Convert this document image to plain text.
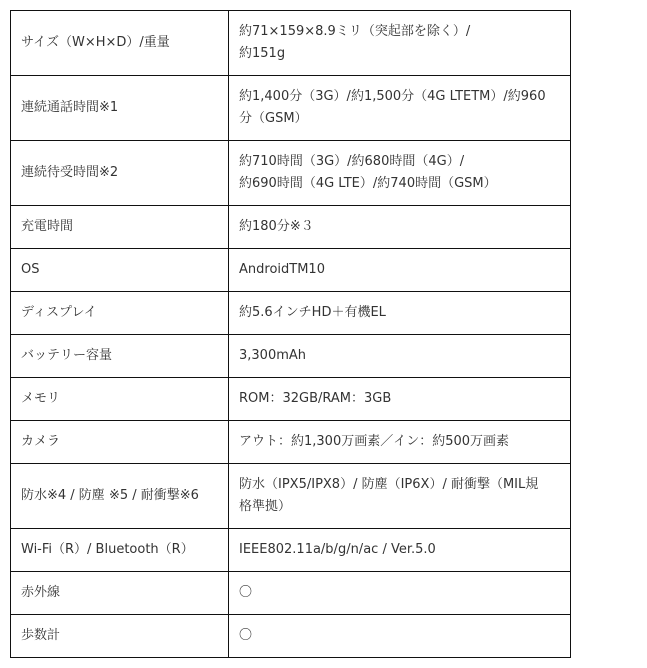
サイズ（W×H×D）/重量	約71×159×8.9ミリ（突起部を除く）/
約151g

連続通話時間※1	約1,400分（3G）/約1,500分（4G LTETM）/約960
分（GSM）

連続待受時間※2	約710時間（3G）/約680時間（4G）/
約690時間（4G LTE）/約740時間（GSM）

充電時間	約180分※３

OS	AndroidTM10

ディスプレイ	約5.6インチHD＋有機EL

バッテリー容量	3,300mAh

メモリ	ROM：32GB/RAM：3GB

カメラ	アウト：約1,300万画素／イン：約500万画素

防水※4 / 防塵 ※5 / 耐衝撃※6	防水（IPX5/IPX8）/ 防塵（IP6X）/ 耐衝撃（MIL規
格準拠）

Wi-Fi（R）/ Bluetooth（R）	IEEE802.11a/b/g/n/ac / Ver.5.0

赤外線	〇

歩数計	〇
